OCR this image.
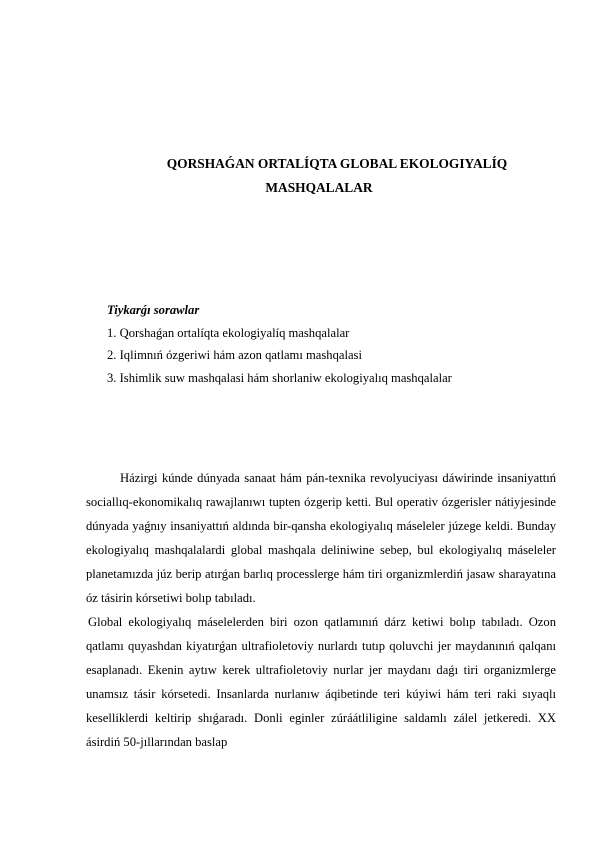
QORSHAǴAN ORTALÍQTA GLOBAL EKOLOGIYALÍQ
MASHQALALAR
Tiykarǵı sorawlar
1. Qorshaǵan ortalíqta ekologiyalíq mashqalalar
2. Iqlimnıń ózgeriwi hám azon qatlamı mashqalasi
3. Ishimlik suw mashqalasi hám shorlaniw ekologiyalıq mashqalalar

Házirgi kúnde dúnyada sanaat hám pán-texnika revolyuciyası dáwirinde insaniyattıń sociallıq-ekonomikalıq rawajlanıwı tupten ózgerip ketti. Bul operativ ózgerisler nátiyjesinde dúnyada yaǵnıy insaniyattıń aldında bir-qansha ekologiyalıq máseleler júzege keldi. Bunday ekologiyalıq mashqalalardi global mashqala deliniwine sebep, bul ekologiyalıq máseleler planetamızda júz berip atırǵan barlıq processlerge hám tiri organizmlerdiń jasaw sharayatına óz tásirin kórsetiwi bolıp tabıladı.

Global ekologiyalıq máselelerden biri ozon qatlamınıń dárz ketiwi bolıp tabıladı. Ozon qatlamı quyashdan kiyatırǵan ultrafioletoviy nurlardı tutıp qoluvchi jer maydanınıń qalqanı esaplanadı. Ekenin aytıw kerek ultrafioletoviy nurlar jer maydanı daǵı tiri organizmlerge unamsız tásir kórsetedi. Insanlarda nurlanıw áqibetinde teri kúyiwi hám teri raki sıyaqlı keselliklerdi keltirip shıǵaradı. Donli eginler zúráátliligine saldamlı zálel jetkeredi. XX ásirdiń 50-jıllarından baslap
